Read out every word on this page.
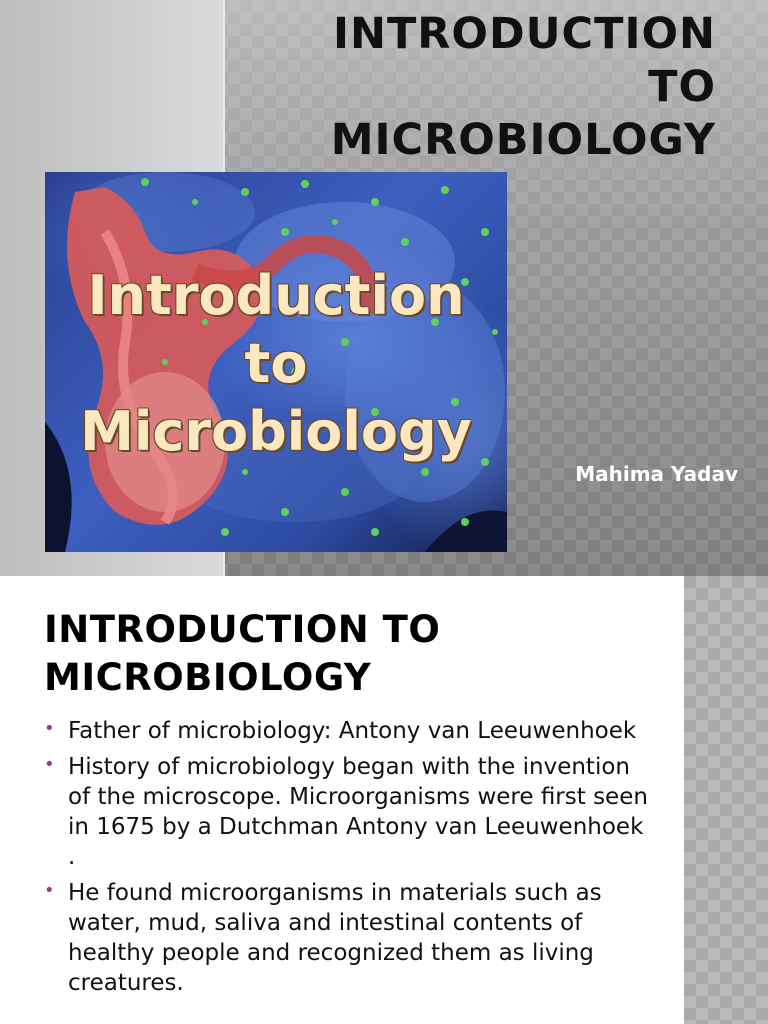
INTRODUCTION
TO
MICROBIOLOGY
Introduction
to
Microbiology
Mahima Yadav
INTRODUCTION TO
MICROBIOLOGY
• Father of microbiology: Antony van Leeuwenhoek
• History of microbiology began with the invention of the microscope. Microorganisms were first seen in 1675 by a Dutchman Antony van Leeuwenhoek .
• He found microorganisms in materials such as water, mud, saliva and intestinal contents of healthy people and recognized them as living creatures.
